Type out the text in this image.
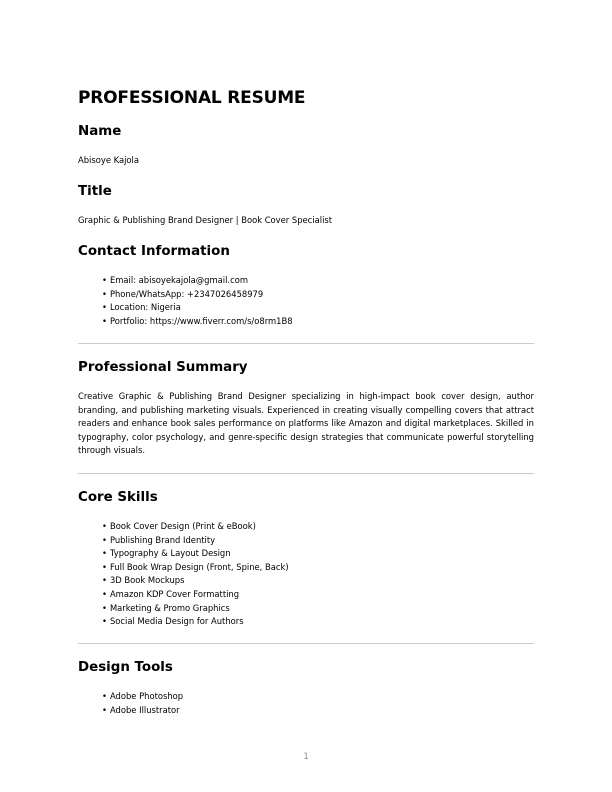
PROFESSIONAL RESUME
Name
Abisoye Kajola
Title
Graphic & Publishing Brand Designer | Book Cover Specialist
Contact Information
• Email: abisoyekajola@gmail.com
• Phone/WhatsApp: +2347026458979
• Location: Nigeria
• Portfolio: https://www.fiverr.com/s/o8rm1B8
Professional Summary
Creative Graphic & Publishing Brand Designer specializing in high-impact book cover design, author branding, and publishing marketing visuals. Experienced in creating visually compelling covers that attract readers and enhance book sales performance on platforms like Amazon and digital marketplaces. Skilled in typography, color psychology, and genre-specific design strategies that communicate powerful storytelling through visuals.
Core Skills
• Book Cover Design (Print & eBook)
• Publishing Brand Identity
• Typography & Layout Design
• Full Book Wrap Design (Front, Spine, Back)
• 3D Book Mockups
• Amazon KDP Cover Formatting
• Marketing & Promo Graphics
• Social Media Design for Authors
Design Tools
• Adobe Photoshop
• Adobe Illustrator
1
